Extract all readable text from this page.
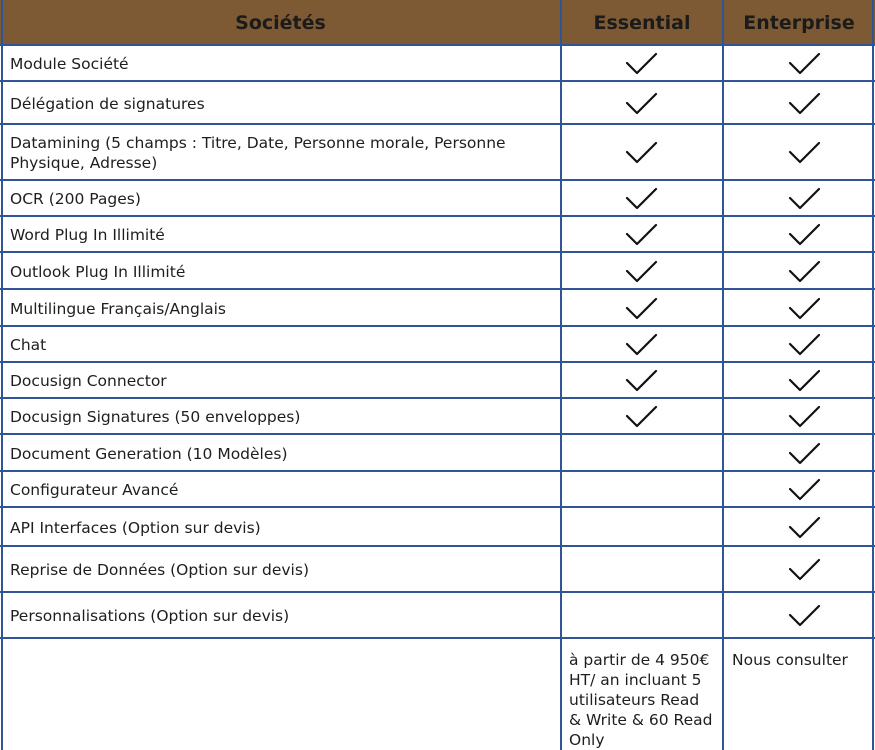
Sociétés	Essential	Enterprise
Module Société
Délégation de signatures
Datamining (5 champs : Titre, Date, Personne morale, Personne
Physique, Adresse)
OCR (200 Pages)
Word Plug In Illimité
Outlook Plug In Illimité
Multilingue Français/Anglais
Chat
Docusign Connector
Docusign Signatures (50 enveloppes)
Document Generation (10 Modèles)
Configurateur Avancé
API Interfaces (Option sur devis)
Reprise de Données (Option sur devis)
Personnalisations (Option sur devis)
à partir de 4 950€
HT/ an incluant 5
utilisateurs Read
& Write & 60 Read
Only
Nous consulter
